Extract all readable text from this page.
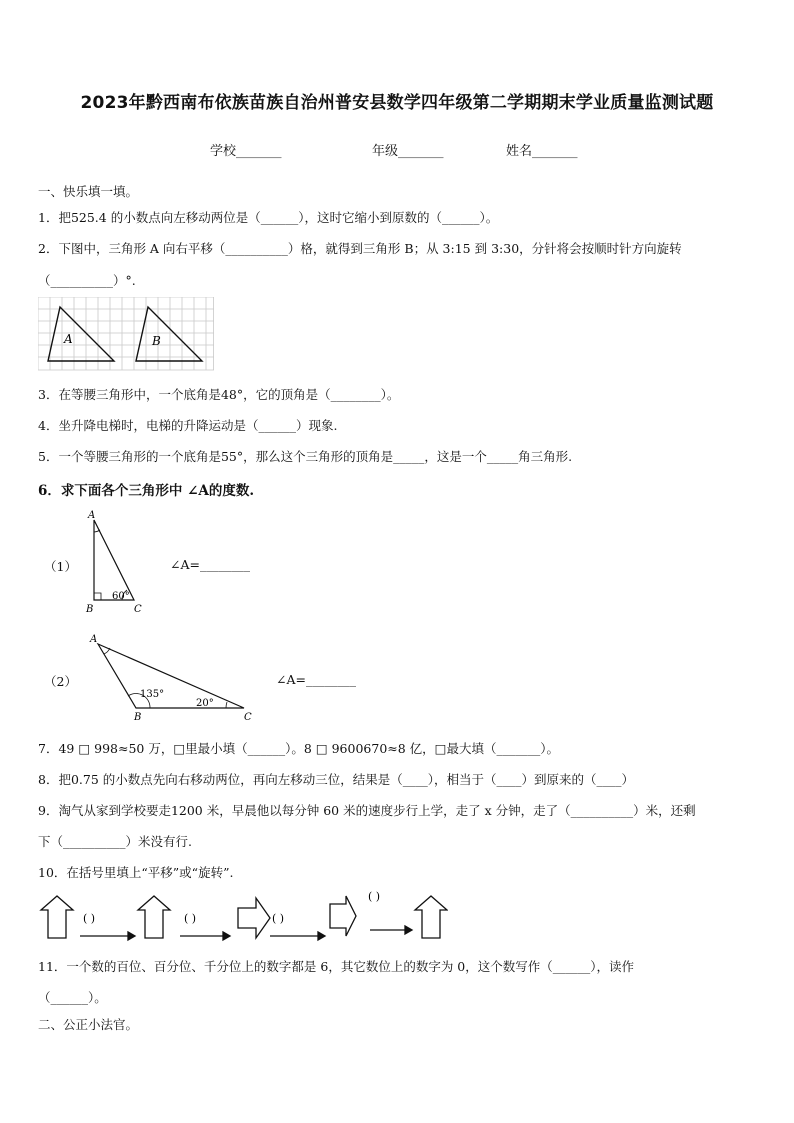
2023年黔西南布依族苗族自治州普安县数学四年级第二学期期末学业质量监测试题
学校_______	年级_______	姓名_______
一、快乐填一填。
1．把525.4 的小数点向左移动两位是（______），这时它缩小到原数的（______）。
2．下图中，三角形 A 向右平移（__________）格，就得到三角形 B；从 3:15 到 3:30，分针将会按顺时针方向旋转
（__________）°.
A	B
3．在等腰三角形中，一个底角是48°，它的顶角是（________）。
4．坐升降电梯时，电梯的升降运动是（______）现象.
5．一个等腰三角形的一个底角是55°，那么这个三角形的顶角是_____，这是一个_____角三角形.
6．求下面各个三角形中 ∠A的度数.
（1）
A
B	C
60°
∠A=________
（2）
A
B	C
135°
20°
∠A=________
7．49 □ 998≈50 万，□里最小填（______）。8 □ 9600670≈8 亿，□最大填（_______）。
8．把0.75 的小数点先向右移动两位，再向左移动三位，结果是（____），相当于（____）到原来的（____）
9．淘气从家到学校要走1200 米，早晨他以每分钟 60 米的速度步行上学，走了 x 分钟，走了（__________）米，还剩
下（__________）米没有行.
10．在括号里填上“平移”或“旋转”.
( )	( )	( )
( )
11．一个数的百位、百分位、千分位上的数字都是 6，其它数位上的数字为 0，这个数写作（______），读作
（______）。
二、公正小法官。
